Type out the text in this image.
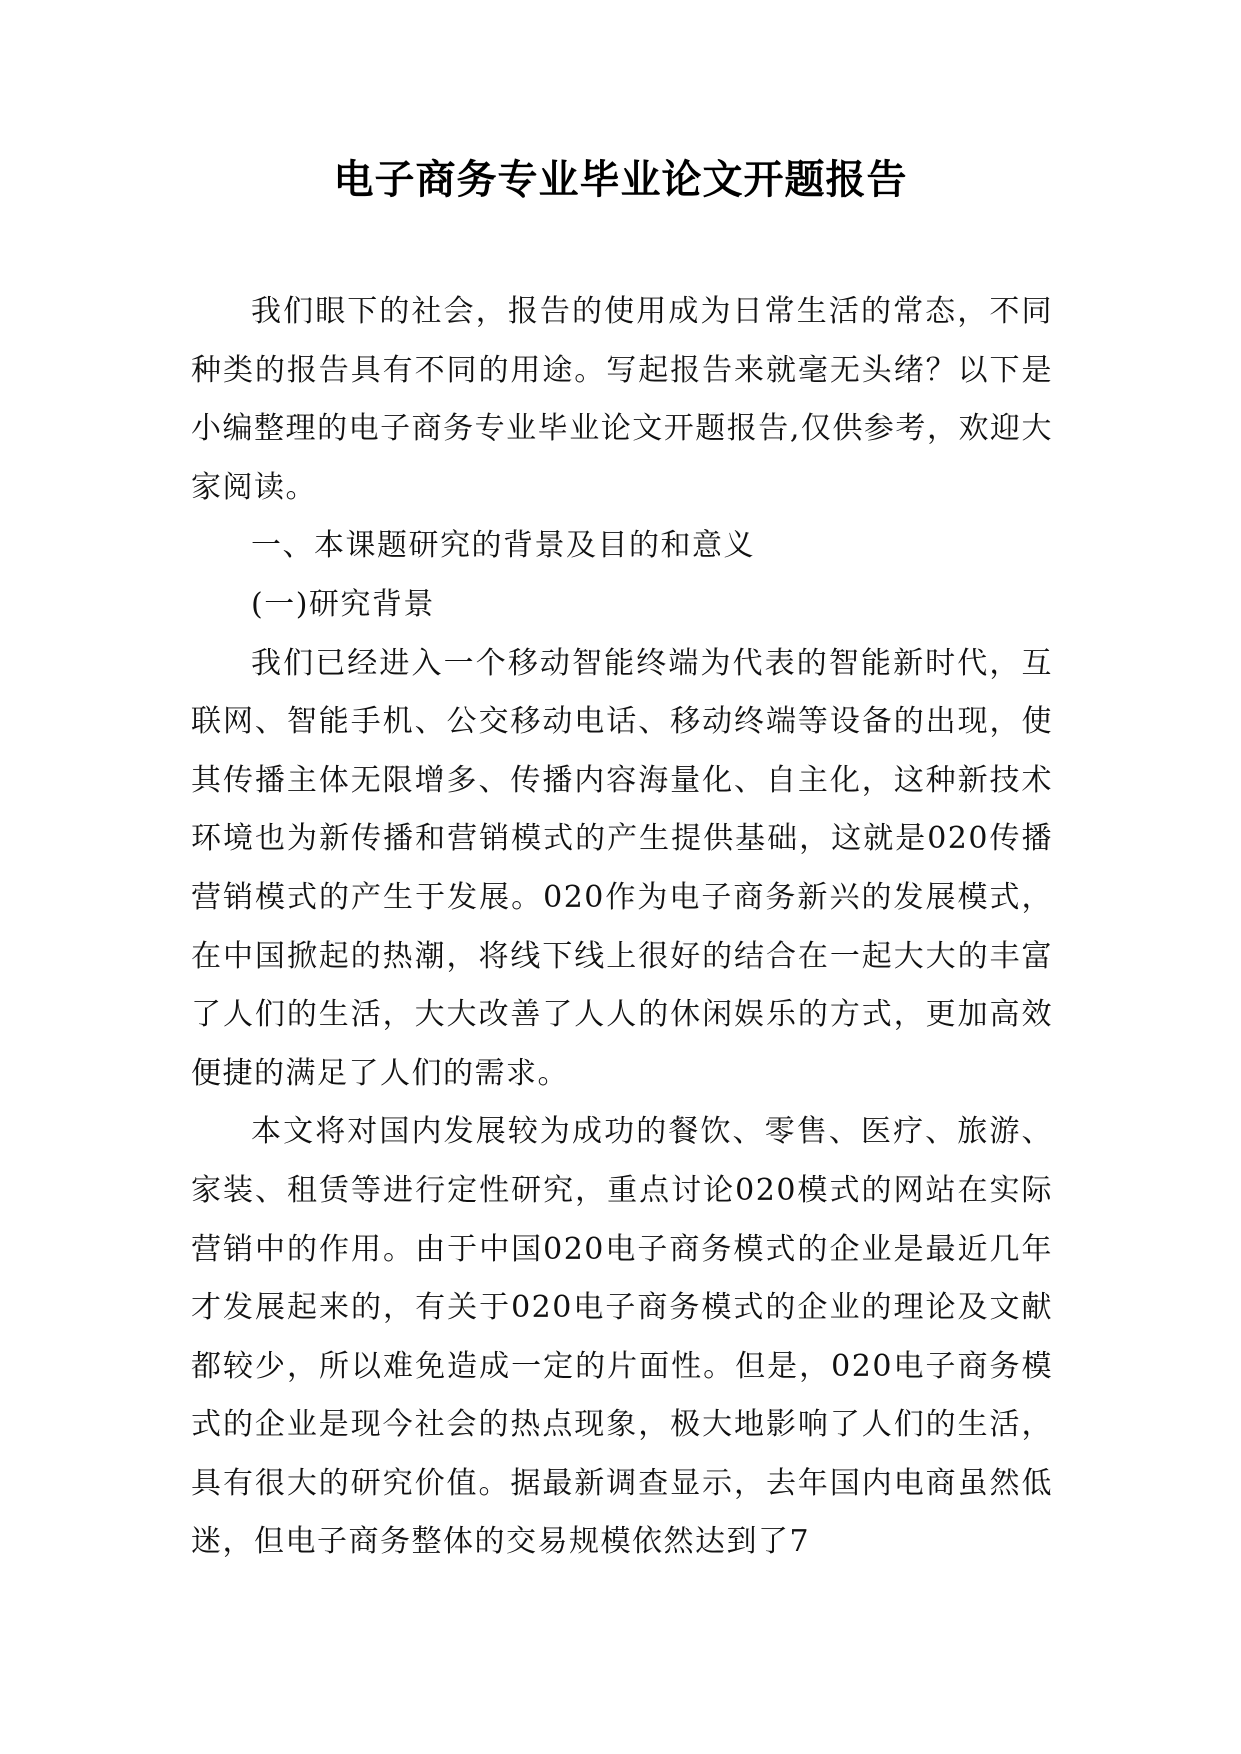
电子商务专业毕业论文开题报告

我们眼下的社会，报告的使用成为日常生活的常态，不同种类的报告具有不同的用途。写起报告来就毫无头绪？以下是小编整理的电子商务专业毕业论文开题报告,仅供参考，欢迎大家阅读。

一、本课题研究的背景及目的和意义

(一)研究背景

我们已经进入一个移动智能终端为代表的智能新时代，互联网、智能手机、公交移动电话、移动终端等设备的出现，使其传播主体无限增多、传播内容海量化、自主化，这种新技术环境也为新传播和营销模式的产生提供基础，这就是020传播营销模式的产生于发展。020作为电子商务新兴的发展模式，在中国掀起的热潮，将线下线上很好的结合在一起大大的丰富了人们的生活，大大改善了人人的休闲娱乐的方式，更加高效便捷的满足了人们的需求。

本文将对国内发展较为成功的餐饮、零售、医疗、旅游、家装、租赁等进行定性研究，重点讨论020模式的网站在实际营销中的作用。由于中国020电子商务模式的企业是最近几年才发展起来的，有关于020电子商务模式的企业的理论及文献都较少，所以难免造成一定的片面性。但是，020电子商务模式的企业是现今社会的热点现象，极大地影响了人们的生活，具有很大的研究价值。据最新调查显示，去年国内电商虽然低迷，但电子商务整体的交易规模依然达到了7
